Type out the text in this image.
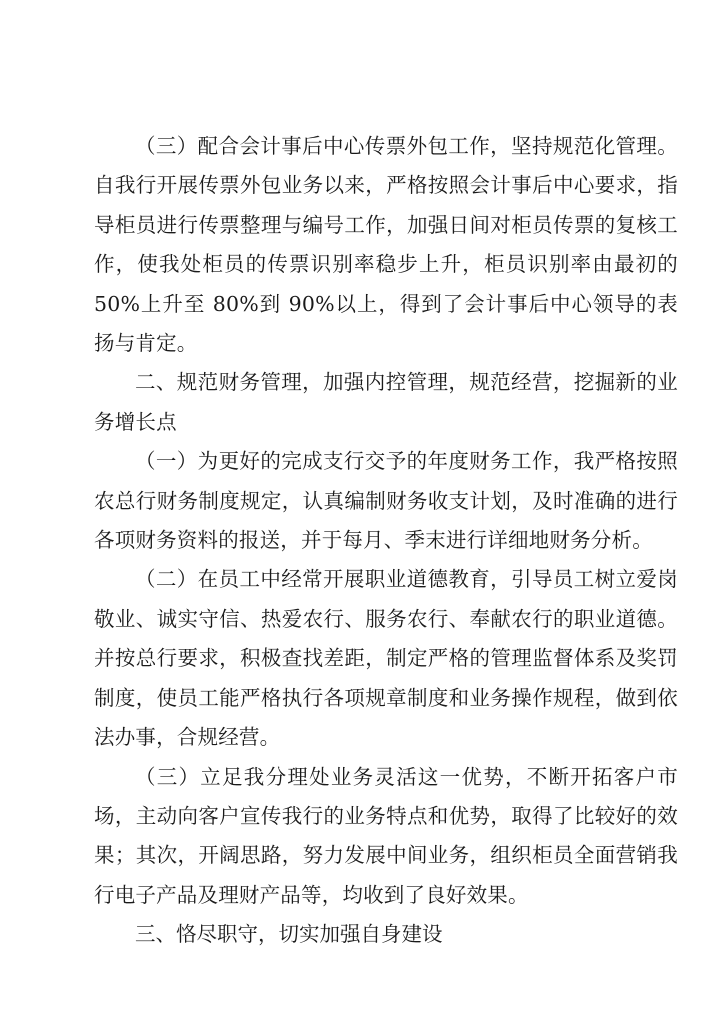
（三）配合会计事后中心传票外包工作，坚持规范化管理。自我行开展传票外包业务以来，严格按照会计事后中心要求，指导柜员进行传票整理与编号工作，加强日间对柜员传票的复核工作，使我处柜员的传票识别率稳步上升，柜员识别率由最初的 50%上升至 80%到 90%以上，得到了会计事后中心领导的表扬与肯定。

二、规范财务管理，加强内控管理，规范经营，挖掘新的业务增长点

（一）为更好的完成支行交予的年度财务工作，我严格按照农总行财务制度规定，认真编制财务收支计划，及时准确的进行各项财务资料的报送，并于每月、季末进行详细地财务分析。

（二）在员工中经常开展职业道德教育，引导员工树立爱岗敬业、诚实守信、热爱农行、服务农行、奉献农行的职业道德。并按总行要求，积极查找差距，制定严格的管理监督体系及奖罚制度，使员工能严格执行各项规章制度和业务操作规程，做到依法办事，合规经营。

（三）立足我分理处业务灵活这一优势，不断开拓客户市场，主动向客户宣传我行的业务特点和优势，取得了比较好的效果；其次，开阔思路，努力发展中间业务，组织柜员全面营销我行电子产品及理财产品等，均收到了良好效果。

三、恪尽职守，切实加强自身建设
